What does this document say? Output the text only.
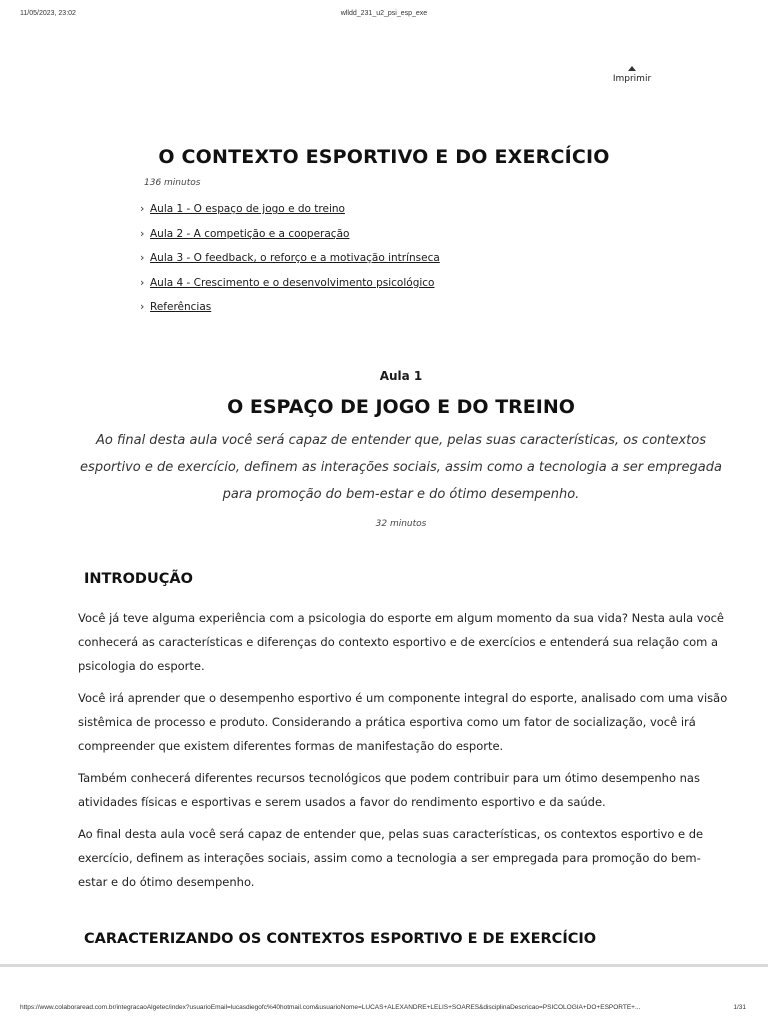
11/05/2023, 23:02	wlldd_231_u2_psi_esp_exe
Imprimir
O CONTEXTO ESPORTIVO E DO EXERCÍCIO
136 minutos
› Aula 1 - O espaço de jogo e do treino
› Aula 2 - A competição e a cooperação
› Aula 3 - O feedback, o reforço e a motivação intrínseca
› Aula 4 - Crescimento e o desenvolvimento psicológico
› Referências
Aula 1
O ESPAÇO DE JOGO E DO TREINO

Ao final desta aula você será capaz de entender que, pelas suas características, os contextos esportivo e de exercício, definem as interações sociais, assim como a tecnologia a ser empregada para promoção do bem-estar e do ótimo desempenho.

32 minutos
INTRODUÇÃO

Você já teve alguma experiência com a psicologia do esporte em algum momento da sua vida? Nesta aula você conhecerá as características e diferenças do contexto esportivo e de exercícios e entenderá sua relação com a psicologia do esporte.

Você irá aprender que o desempenho esportivo é um componente integral do esporte, analisado com uma visão sistêmica de processo e produto. Considerando a prática esportiva como um fator de socialização, você irá compreender que existem diferentes formas de manifestação do esporte.

Também conhecerá diferentes recursos tecnológicos que podem contribuir para um ótimo desempenho nas atividades físicas e esportivas e serem usados a favor do rendimento esportivo e da saúde.

Ao final desta aula você será capaz de entender que, pelas suas características, os contextos esportivo e de exercício, definem as interações sociais, assim como a tecnologia a ser empregada para promoção do bem-estar e do ótimo desempenho.

CARACTERIZANDO OS CONTEXTOS ESPORTIVO E DE EXERCÍCIO
https://www.colaboraread.com.br/integracaoAlgetec/index?usuarioEmail=lucasdiegofc%40hotmail.com&usuarioNome=LUCAS+ALEXANDRE+LELIS+SOARES&disciplinaDescricao=PSICOLOGIA+DO+ESPORTE+...	1/31
